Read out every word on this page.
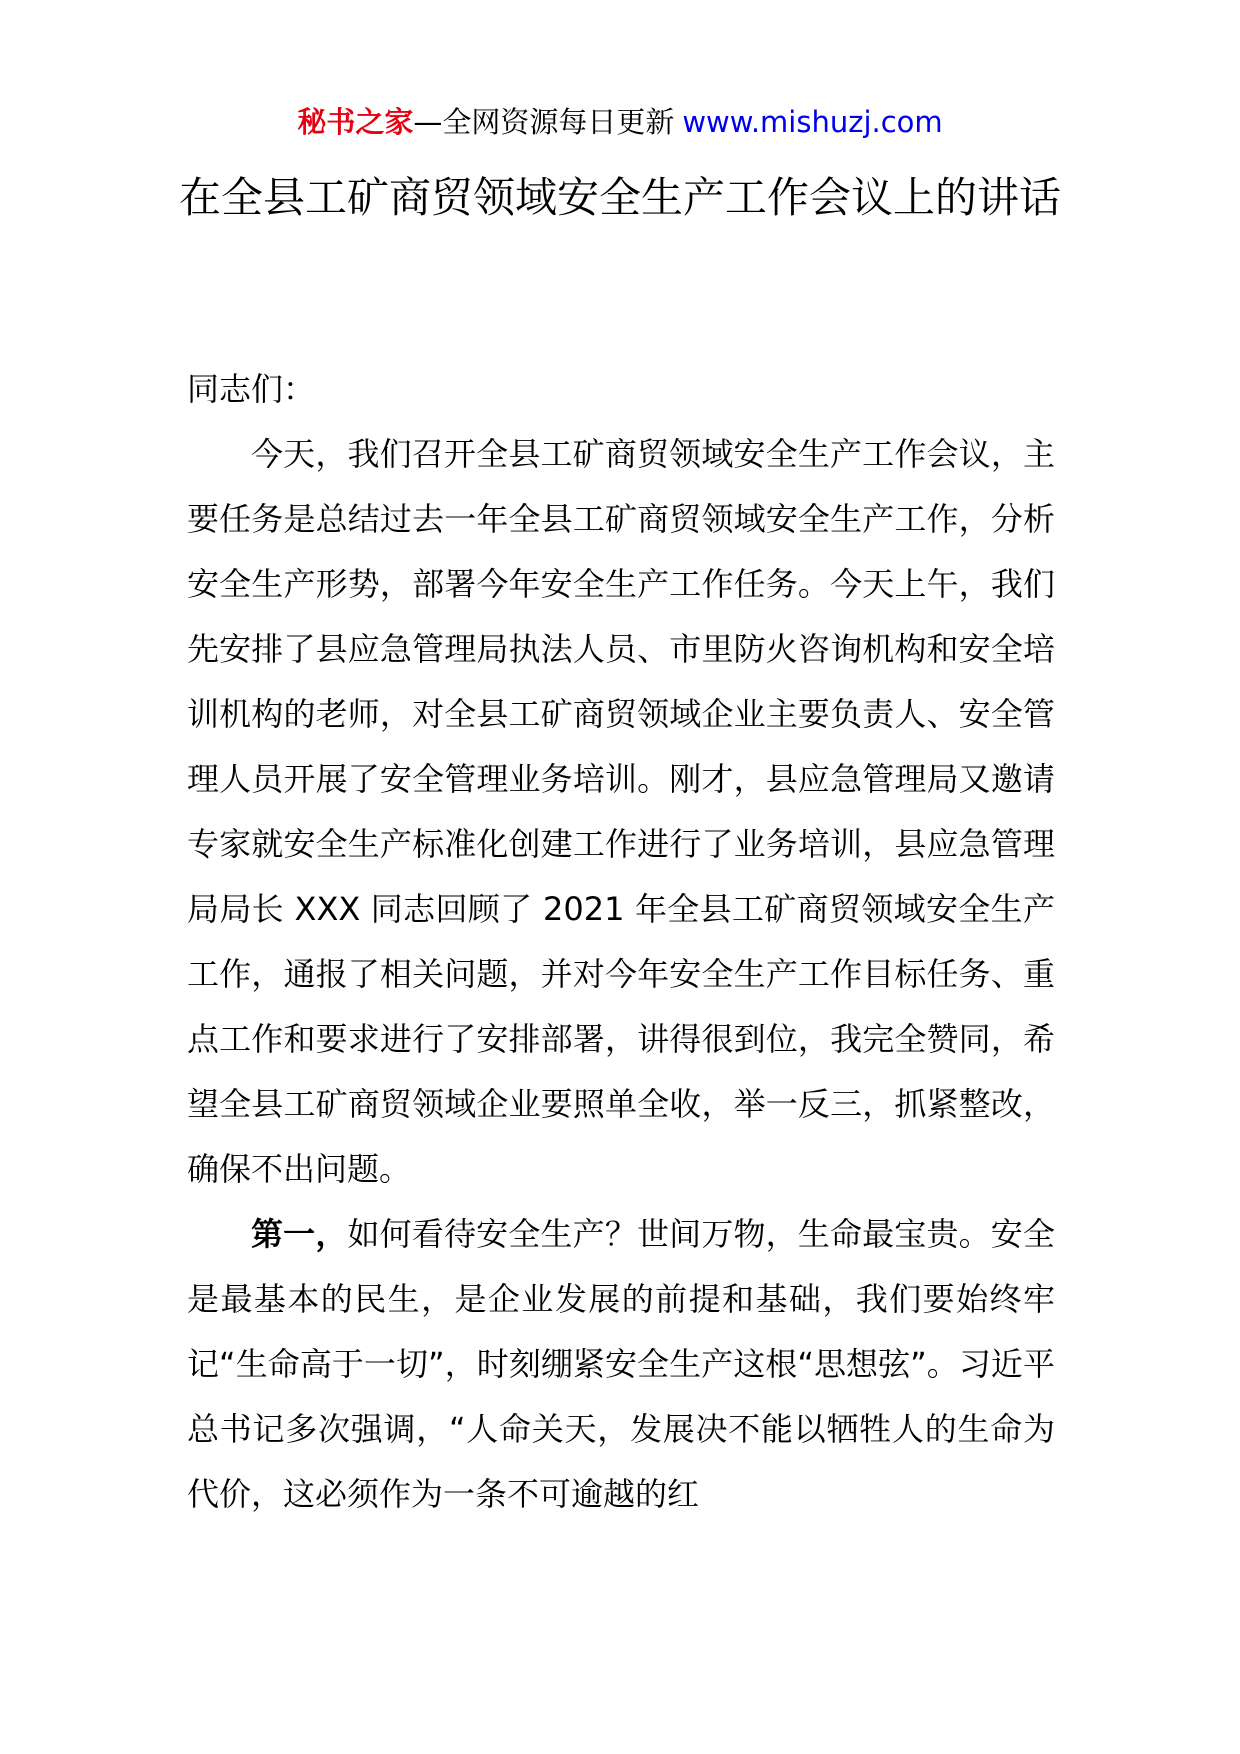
秘书之家—全网资源每日更新 www.mishuzj.com
在全县工矿商贸领域安全生产工作会议上的讲话

同志们：

今天，我们召开全县工矿商贸领域安全生产工作会议，主要任务是总结过去一年全县工矿商贸领域安全生产工作，分析安全生产形势，部署今年安全生产工作任务。今天上午，我们先安排了县应急管理局执法人员、市里防火咨询机构和安全培训机构的老师，对全县工矿商贸领域企业主要负责人、安全管理人员开展了安全管理业务培训。刚才，县应急管理局又邀请专家就安全生产标准化创建工作进行了业务培训，县应急管理局局长 XXX 同志回顾了 2021 年全县工矿商贸领域安全生产工作，通报了相关问题，并对今年安全生产工作目标任务、重点工作和要求进行了安排部署，讲得很到位，我完全赞同，希望全县工矿商贸领域企业要照单全收，举一反三，抓紧整改，确保不出问题。

第一，如何看待安全生产？世间万物，生命最宝贵。安全是最基本的民生，是企业发展的前提和基础，我们要始终牢记“生命高于一切”，时刻绷紧安全生产这根“思想弦”。习近平总书记多次强调，“人命关天，发展决不能以牺牲人的生命为代价，这必须作为一条不可逾越的红
